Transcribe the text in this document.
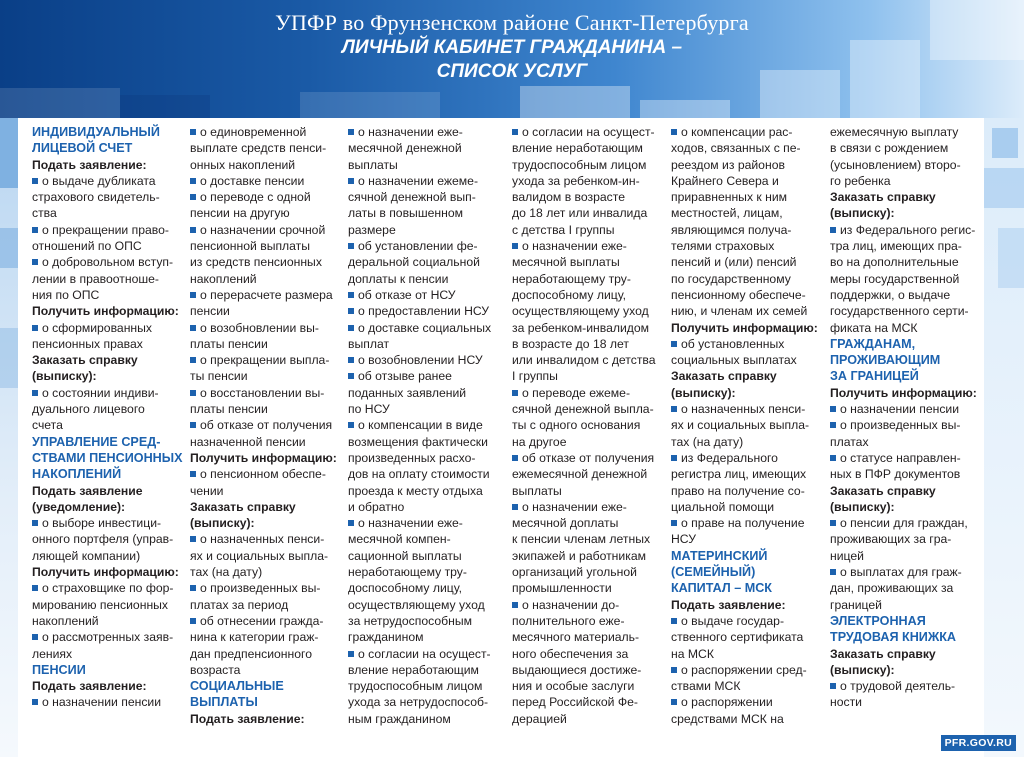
УПФР во Фрунзенском районе Санкт-Петербурга
ЛИЧНЫЙ КАБИНЕТ ГРАЖДАНИНА –
СПИСОК УСЛУГ
ИНДИВИДУАЛЬНЫЙ
ЛИЦЕВОЙ СЧЕТ
Подать заявление:
о выдаче дубликата
страхового свидетель-
ства
о прекращении право-
отношений по ОПС
о добровольном вступ-
лении в правоотноше-
ния по ОПС
Получить информацию:
о сформированных
пенсионных правах
Заказать справку
(выписку):
о состоянии индиви-
дуального лицевого
счета
УПРАВЛЕНИЕ СРЕД-
СТВАМИ ПЕНСИОННЫХ
НАКОПЛЕНИЙ
Подать заявление
(уведомление):
о выборе инвестици-
онного портфеля (управ-
ляющей компании)
Получить информацию:
о страховщике по фор-
мированию пенсионных
накоплений
о рассмотренных заяв-
лениях
ПЕНСИИ
Подать заявление:
о назначении пенсии
о единовременной
выплате средств пенси-
онных накоплений
о доставке пенсии
о переводе с одной
пенсии на другую
о назначении срочной
пенсионной выплаты
из средств пенсионных
накоплений
о перерасчете размера
пенсии
о возобновлении вы-
платы пенсии
о прекращении выпла-
ты пенсии
о восстановлении вы-
платы пенсии
об отказе от получения
назначенной пенсии
Получить информацию:
о пенсионном обеспе-
чении
Заказать справку
(выписку):
о назначенных пенси-
ях и социальных выпла-
тах (на дату)
о произведенных вы-
платах за период
об отнесении гражда-
нина к категории граж-
дан предпенсионного
возраста
СОЦИАЛЬНЫЕ
ВЫПЛАТЫ
Подать заявление:
о назначении еже-
месячной денежной
выплаты
о назначении ежеме-
сячной денежной вып-
латы в повышенном
размере
об установлении фе-
деральной социальной
доплаты к пенсии
об отказе от НСУ
о предоставлении НСУ
о доставке социальных
выплат
о возобновлении НСУ
об отзыве ранее
поданных заявлений
по НСУ
о компенсации в виде
возмещения фактически
произведенных расхо-
дов на оплату стоимости
проезда к месту отдыха
и обратно
о назначении еже-
месячной компен-
сационной выплаты
неработающему тру-
доспособному лицу,
осуществляющему уход
за нетрудоспособным
гражданином
о согласии на осущест-
вление неработающим
трудоспособным лицом
ухода за нетрудоспособ-
ным гражданином
о согласии на осущест-
вление неработающим
трудоспособным лицом
ухода за ребенком-ин-
валидом в возрасте
до 18 лет или инвалида
с детства I группы
о назначении еже-
месячной выплаты
неработающему тру-
доспособному лицу,
осуществляющему уход
за ребенком-инвалидом
в возрасте до 18 лет
или инвалидом с детства
I группы
о переводе ежеме-
сячной денежной выпла-
ты с одного основания
на другое
об отказе от получения
ежемесячной денежной
выплаты
о назначении еже-
месячной доплаты
к пенсии членам летных
экипажей и работникам
организаций угольной
промышленности
о назначении до-
полнительного еже-
месячного материаль-
ного обеспечения за
выдающиеся достиже-
ния и особые заслуги
перед Российской Фе-
дерацией
о компенсации рас-
ходов, связанных с пе-
реездом из районов
Крайнего Севера и
приравненных к ним
местностей, лицам,
являющимся получа-
телями страховых
пенсий и (или) пенсий
по государственному
пенсионному обеспече-
нию, и членам их семей
Получить информацию:
об установленных
социальных выплатах
Заказать справку
(выписку):
о назначенных пенси-
ях и социальных выпла-
тах (на дату)
из Федерального
регистра лиц, имеющих
право на получение со-
циальной помощи
о праве на получение
НСУ
МАТЕРИНСКИЙ
(СЕМЕЙНЫЙ)
КАПИТАЛ – МСК
Подать заявление:
о выдаче государ-
ственного сертификата
на МСК
о распоряжении сред-
ствами МСК
о распоряжении
средствами МСК на
ежемесячную выплату
в связи с рождением
(усыновлением) второ-
го ребенка
Заказать справку
(выписку):
из Федерального регис-
тра лиц, имеющих пра-
во на дополнительные
меры государственной
поддержки, о выдаче
государственного серти-
фиката на МСК
ГРАЖДАНАМ,
ПРОЖИВАЮЩИМ
ЗА ГРАНИЦЕЙ
Получить информацию:
о назначении пенсии
о произведенных вы-
платах
о статусе направлен-
ных в ПФР документов
Заказать справку
(выписку):
о пенсии для граждан,
проживающих за гра-
ницей
о выплатах для граж-
дан, проживающих за
границей
ЭЛЕКТРОННАЯ
ТРУДОВАЯ КНИЖКА
Заказать справку
(выписку):
о трудовой деятель-
ности
PFR.GOV.RU
